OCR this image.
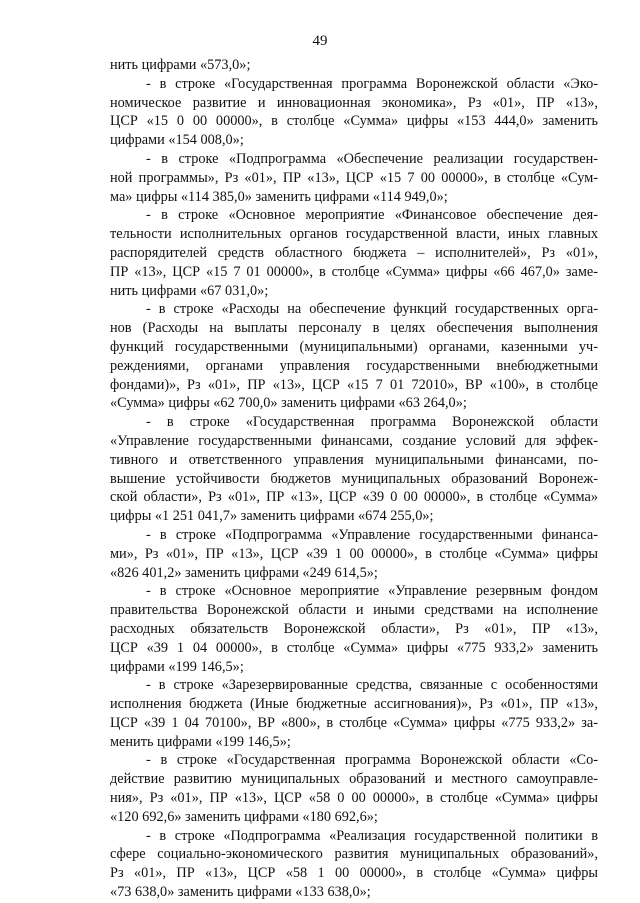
49
нить цифрами «573,0»;
- в строке «Государственная программа Воронежской области «Эко-
номическое развитие и инновационная экономика», Рз «01», ПР «13»,
ЦСР «15 0 00 00000», в столбце «Сумма» цифры «153 444,0» заменить
цифрами «154 008,0»;
- в строке «Подпрограмма «Обеспечение реализации государствен-
ной программы», Рз «01», ПР «13», ЦСР «15 7 00 00000», в столбце «Сум-
ма» цифры «114 385,0» заменить цифрами «114 949,0»;
- в строке «Основное мероприятие «Финансовое обеспечение дея-
тельности исполнительных органов государственной власти, иных главных
распорядителей средств областного бюджета – исполнителей», Рз «01»,
ПР «13», ЦСР «15 7 01 00000», в столбце «Сумма» цифры «66 467,0» заме-
нить цифрами «67 031,0»;
- в строке «Расходы на обеспечение функций государственных орга-
нов (Расходы на выплаты персоналу в целях обеспечения выполнения
функций государственными (муниципальными) органами, казенными уч-
реждениями, органами управления государственными внебюджетными
фондами)», Рз «01», ПР «13», ЦСР «15 7 01 72010», ВР «100», в столбце
«Сумма» цифры «62 700,0» заменить цифрами «63 264,0»;
- в строке «Государственная программа Воронежской области
«Управление государственными финансами, создание условий для эффек-
тивного и ответственного управления муниципальными финансами, по-
вышение устойчивости бюджетов муниципальных образований Воронеж-
ской области», Рз «01», ПР «13», ЦСР «39 0 00 00000», в столбце «Сумма»
цифры «1 251 041,7» заменить цифрами «674 255,0»;
- в строке «Подпрограмма «Управление государственными финанса-
ми», Рз «01», ПР «13», ЦСР «39 1 00 00000», в столбце «Сумма» цифры
«826 401,2» заменить цифрами «249 614,5»;
- в строке «Основное мероприятие «Управление резервным фондом
правительства Воронежской области и иными средствами на исполнение
расходных обязательств Воронежской области», Рз «01», ПР «13»,
ЦСР «39 1 04 00000», в столбце «Сумма» цифры «775 933,2» заменить
цифрами «199 146,5»;
- в строке «Зарезервированные средства, связанные с особенностями
исполнения бюджета (Иные бюджетные ассигнования)», Рз «01», ПР «13»,
ЦСР «39 1 04 70100», ВР «800», в столбце «Сумма» цифры «775 933,2» за-
менить цифрами «199 146,5»;
- в строке «Государственная программа Воронежской области «Со-
действие развитию муниципальных образований и местного самоуправле-
ния», Рз «01», ПР «13», ЦСР «58 0 00 00000», в столбце «Сумма» цифры
«120 692,6» заменить цифрами «180 692,6»;
- в строке «Подпрограмма «Реализация государственной политики в
сфере социально-экономического развития муниципальных образований»,
Рз «01», ПР «13», ЦСР «58 1 00 00000», в столбце «Сумма» цифры
«73 638,0» заменить цифрами «133 638,0»;
